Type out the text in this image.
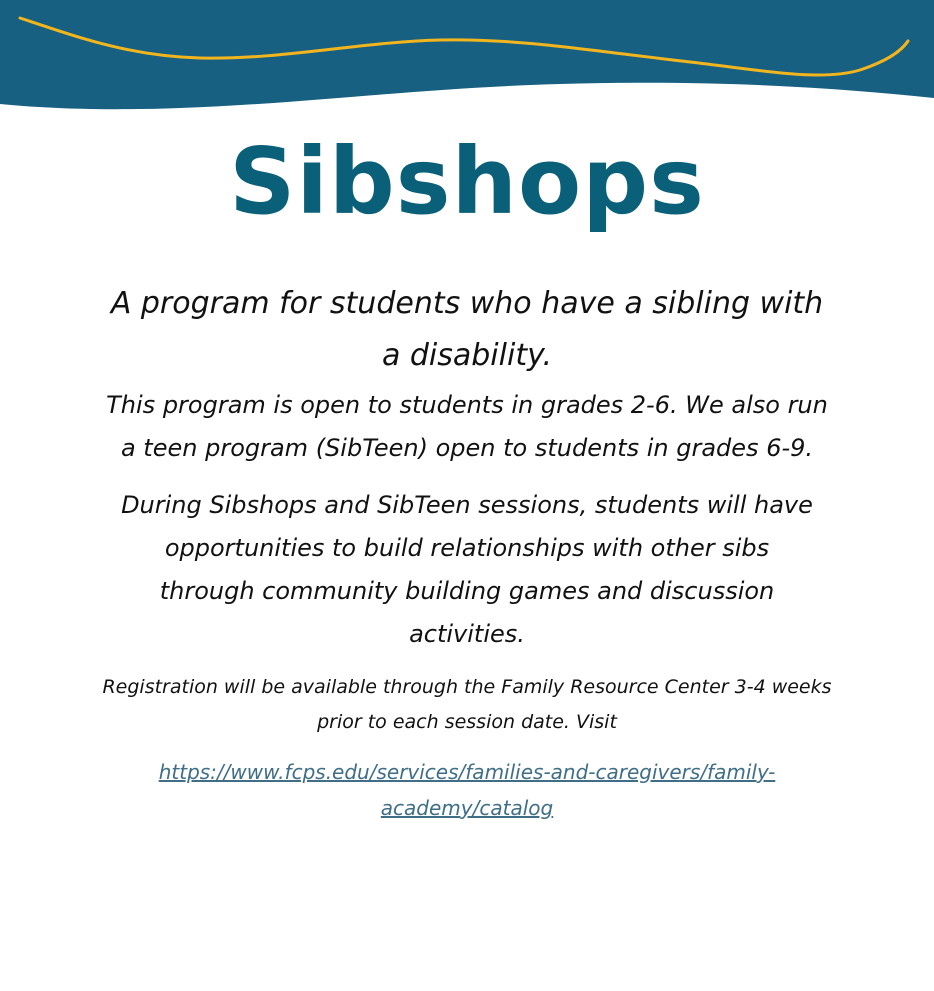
Sibshops

A program for students who have a sibling with a disability.

This program is open to students in grades 2-6. We also run a teen program (SibTeen) open to students in grades 6-9.

During Sibshops and SibTeen sessions, students will have opportunities to build relationships with other sibs through community building games and discussion activities.

Registration will be available through the Family Resource Center 3-4 weeks prior to each session date. Visit

https://www.fcps.edu/services/families-and-caregivers/family-academy/catalog
